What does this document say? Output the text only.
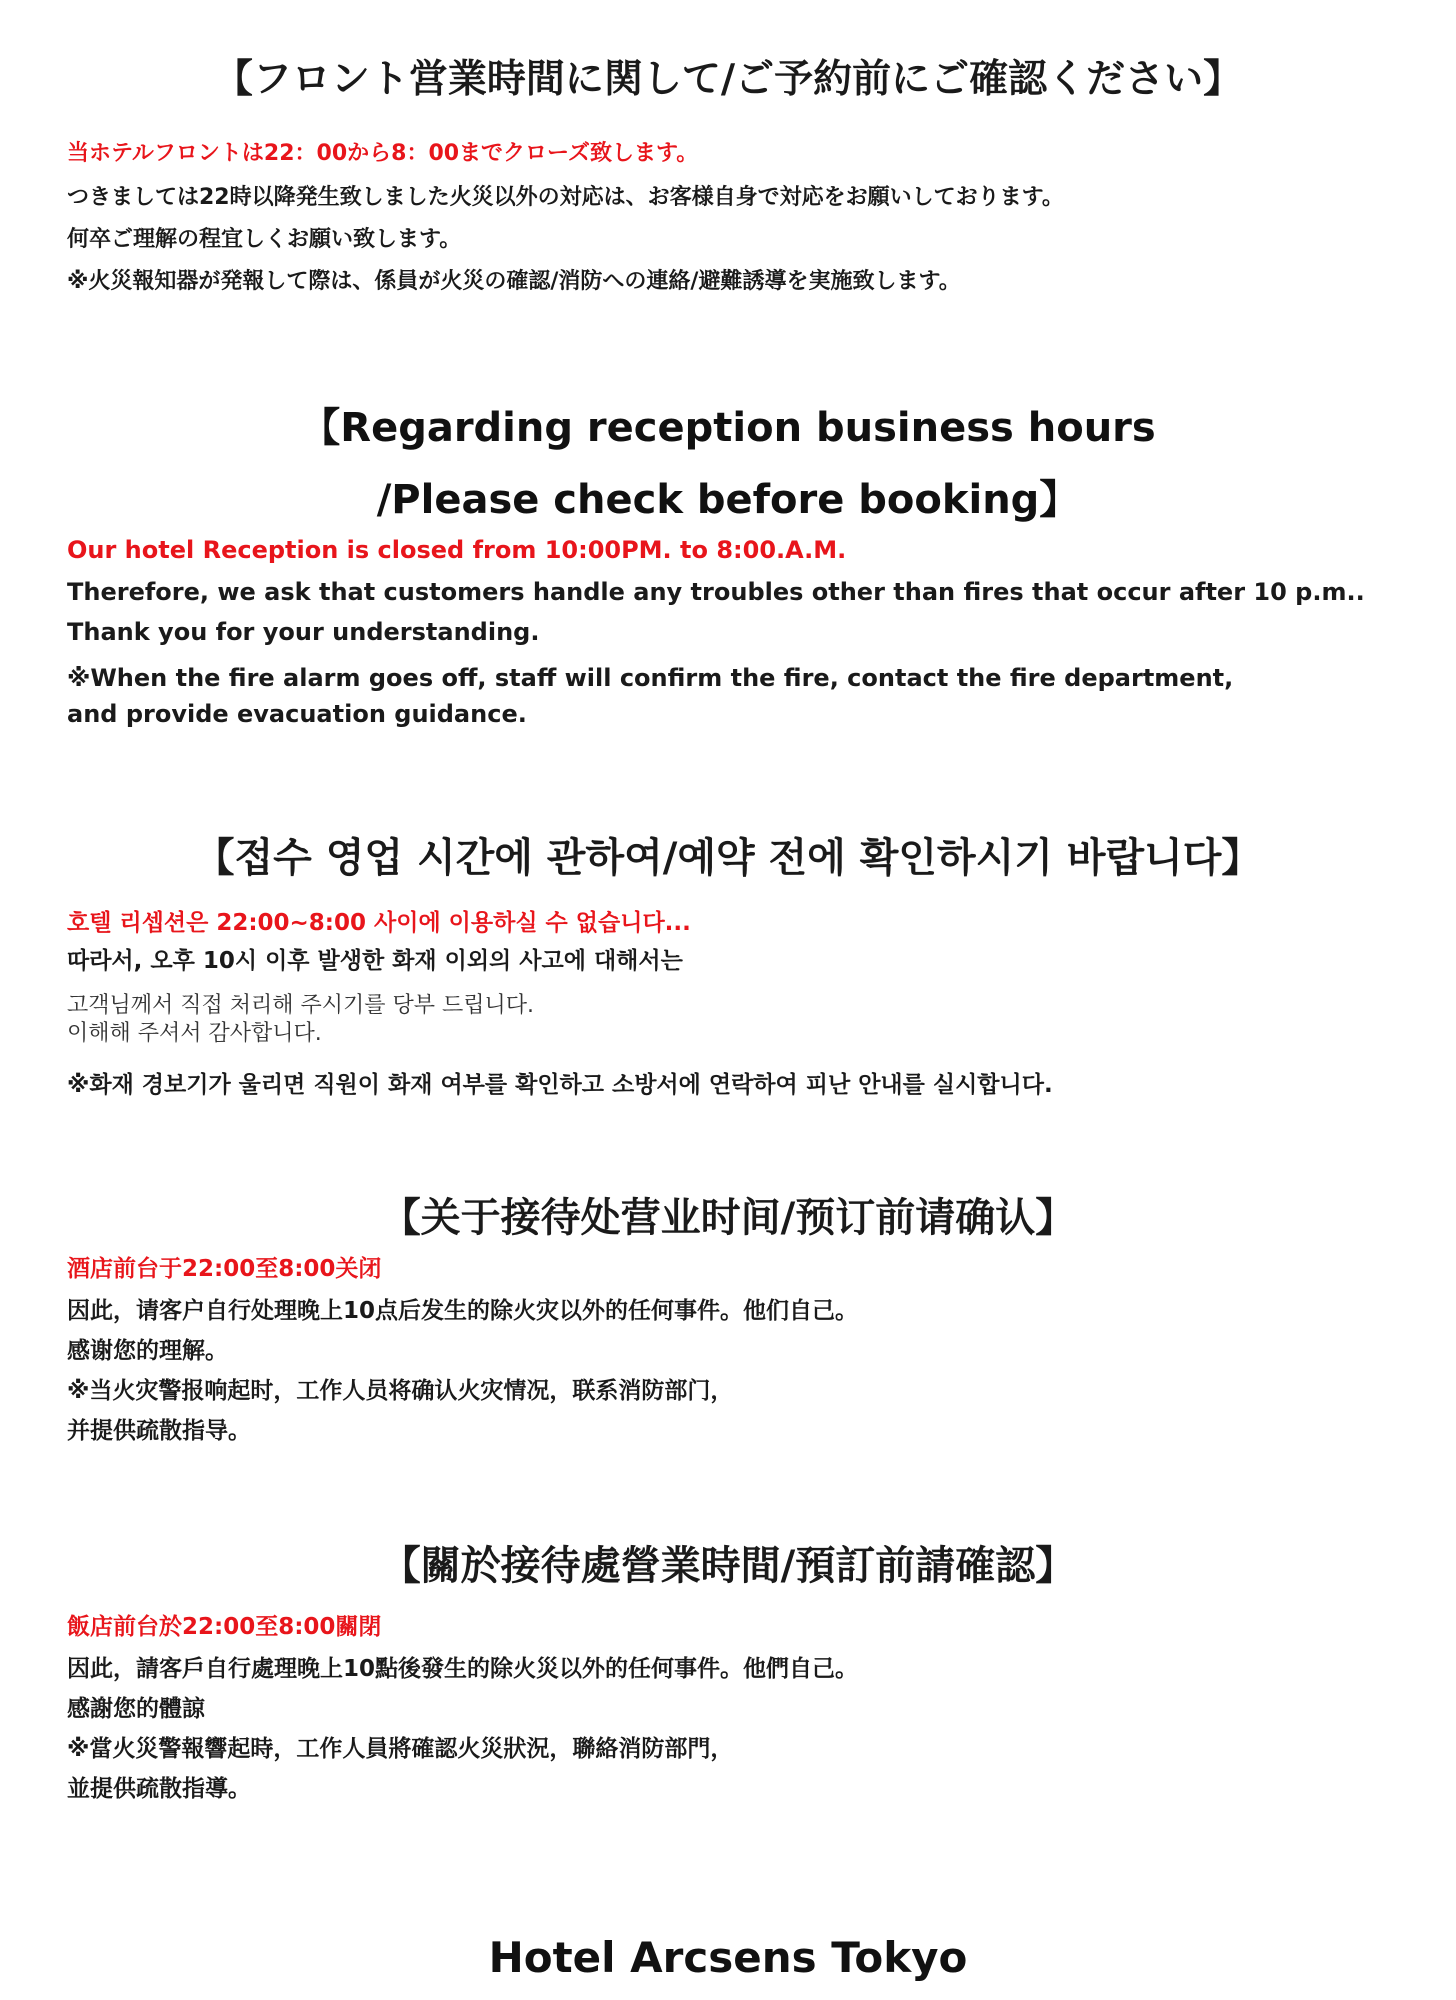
【フロント営業時間に関して/ご予約前にご確認ください】
当ホテルフロントは22：00から8：00までクローズ致します。
つきましては22時以降発生致しました火災以外の対応は、お客様自身で対応をお願いしております。
何卒ご理解の程宜しくお願い致します。
※火災報知器が発報して際は、係員が火災の確認/消防への連絡/避難誘導を実施致します。
【Regarding reception business hours
/Please check before booking】
Our hotel Reception is closed from 10:00PM. to 8:00.A.M.
Therefore, we ask that customers handle any troubles other than fires that occur after 10 p.m..
Thank you for your understanding.
※When the fire alarm goes off, staff will confirm the fire, contact the fire department,
and provide evacuation guidance.
【접수 영업 시간에 관하여/예약 전에 확인하시기 바랍니다】
호텔 리셉션은 22:00~8:00 사이에 이용하실 수 없습니다...
따라서, 오후 10시 이후 발생한 화재 이외의 사고에 대해서는
고객님께서 직접 처리해 주시기를 당부 드립니다.
이해해 주셔서 감사합니다.
※화재 경보기가 울리면 직원이 화재 여부를 확인하고 소방서에 연락하여 피난 안내를 실시합니다.
【关于接待处营业时间/预订前请确认】
酒店前台于22:00至8:00关闭
因此，请客户自行处理晚上10点后发生的除火灾以外的任何事件。他们自己。
感谢您的理解。
※当火灾警报响起时，工作人员将确认火灾情况，联系消防部门，
并提供疏散指导。
【關於接待處營業時間/預訂前請確認】
飯店前台於22:00至8:00關閉
因此，請客戶自行處理晚上10點後發生的除火災以外的任何事件。他們自己。
感謝您的體諒
※當火災警報響起時，工作人員將確認火災狀況，聯絡消防部門，
並提供疏散指導。
Hotel Arcsens Tokyo
